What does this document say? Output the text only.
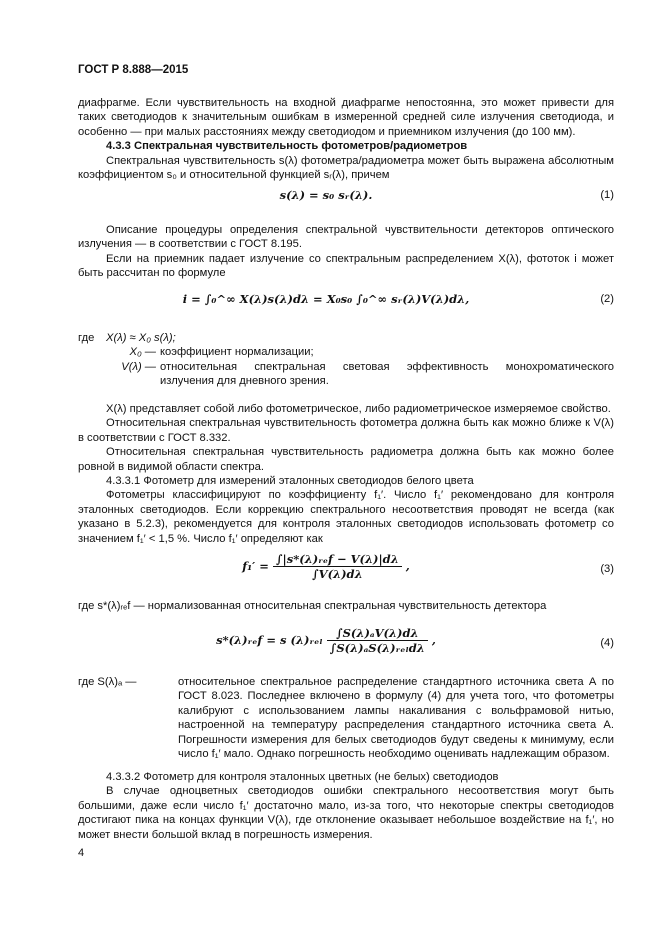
ГОСТ Р 8.888—2015

диафрагме. Если чувствительность на входной диафрагме непостоянна, это может привести для таких светодиодов к значительным ошибкам в измеренной средней силе излучения светодиода, и особенно — при малых расстояниях между светодиодом и приемником излучения (до 100 мм).

4.3.3 Спектральная чувствительность фотометров/радиометров

Спектральная чувствительность s(λ) фотометра/радиометра может быть выражена абсолютным коэффициентом s₀ и относительной функцией sᵣ(λ), причем

s(λ) = s₀ sᵣ(λ).	(1)

Описание процедуры определения спектральной чувствительности детекторов оптического излучения — в соответствии с ГОСТ 8.195.

Если на приемник падает излучение со спектральным распределением X(λ), фототок i может быть рассчитан по формуле

i = ∫₀^∞ X(λ)s(λ)dλ = X₀s₀ ∫₀^∞ sᵣ(λ)V(λ)dλ,	(2)
где	X(λ) ≈ X₀ s(λ);
X₀ — коэффициент нормализации;
V(λ) — относительная спектральная световая эффективность монохроматического излучения для дневного зрения.

X(λ) представляет собой либо фотометрическое, либо радиометрическое измеряемое свойство.

Относительная спектральная чувствительность фотометра должна быть как можно ближе к V(λ) в соответствии с ГОСТ 8.332.

Относительная спектральная чувствительность радиометра должна быть как можно более ровной в видимой области спектра.

4.3.3.1 Фотометр для измерений эталонных светодиодов белого цвета

Фотометры классифицируют по коэффициенту f₁′. Число f₁′ рекомендовано для контроля эталонных светодиодов. Если коррекцию спектрального несоответствия проводят не всегда (как указано в 5.2.3), рекомендуется для контроля эталонных светодиодов использовать фотометр со значением f₁′ < 1,5 %. Число f₁′ определяют как

$f_1' = \frac{\text{∫|s*(λ)ᵣₑf − V(λ)|dλ}}{\int V(\lambda)d\lambda}$ ,	(3)

где s*(λ)ᵣₑf — нормализованная относительная спектральная чувствительность детектора

s*(λ)ᵣₑf = s (λ)ᵣₑₗ $\frac{\text{∫S(λ)ₐV(λ)dλ}}{\text{∫S(λ)ₐS(λ)ᵣₑₗdλ}}$ ,	(4)
где S(λ)ₐ —	относительное спектральное распределение стандартного источника света А по ГОСТ 8.023. Последнее включено в формулу (4) для учета того, что фотометры калибруют с использованием лампы накаливания с вольфрамовой нитью, настроенной на температуру распределения стандартного источника света А. Погрешности измерения для белых светодиодов будут сведены к минимуму, если число f₁′ мало. Однако погрешность необходимо оценивать надлежащим образом.

4.3.3.2 Фотометр для контроля эталонных цветных (не белых) светодиодов

В случае одноцветных светодиодов ошибки спектрального несоответствия могут быть большими, даже если число f₁′ достаточно мало, из-за того, что некоторые спектры светодиодов достигают пика на концах функции V(λ), где отклонение оказывает небольшое воздействие на f₁′, но может внести большой вклад в погрешность измерения.

4
